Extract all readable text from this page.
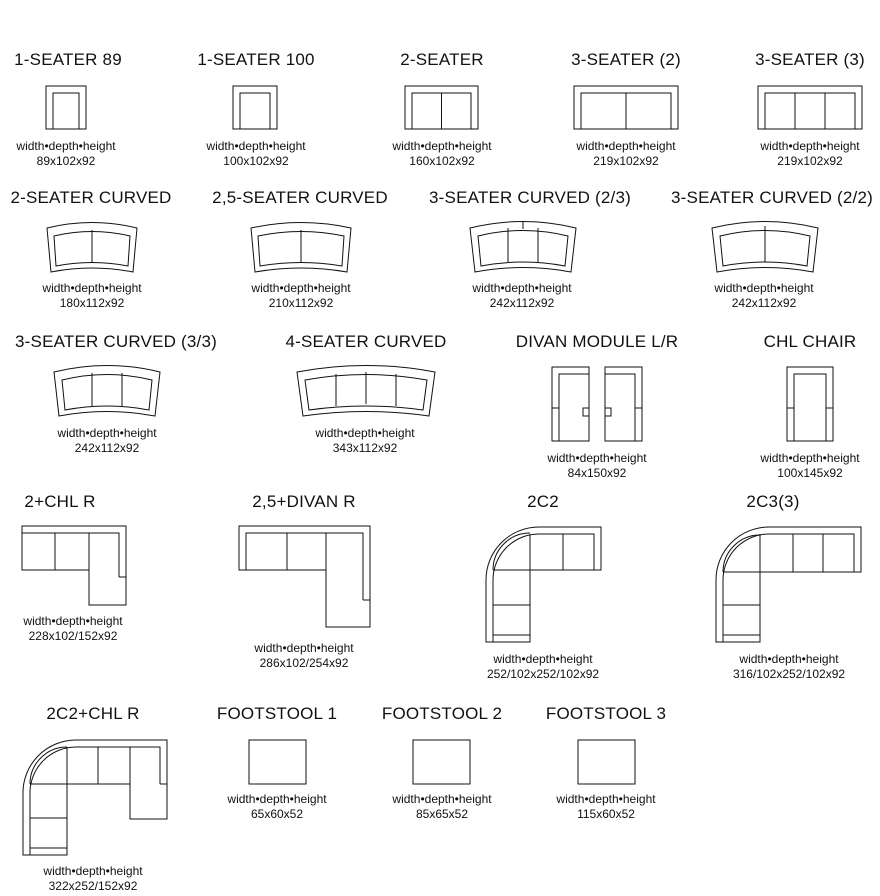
1-SEATER 89	1-SEATER 100	2-SEATER	3-SEATER (2)	3-SEATER (3)
2-SEATER CURVED 2,5-SEATER CURVED 3-SEATER CURVED (2/3) 3-SEATER CURVED (2/2)
3-SEATER CURVED (3/3)	4-SEATER CURVED	DIVAN MODULE L/R	CHL CHAIR
2+CHL R	2,5+DIVAN R	2C2	2C3(3)
2C2+CHL R	FOOTSTOOL 1	FOOTSTOOL 2	FOOTSTOOL 3
width•depth•height
89x102x92
width•depth•height
100x102x92
width•depth•height
160x102x92
width•depth•height
219x102x92
width•depth•height
219x102x92
width•depth•height
180x112x92
width•depth•height
210x112x92
width•depth•height
242x112x92
width•depth•height
242x112x92
width•depth•height
242x112x92
width•depth•height
343x112x92
width•depth•height
84x150x92
width•depth•height
100x145x92
width•depth•height
228x102/152x92
width•depth•height
286x102/254x92	width•depth•height
252/102x252/102x92
width•depth•height
316/102x252/102x92
width•depth•height
322x252/152x92
width•depth•height
65x60x52
width•depth•height
85x65x52
width•depth•height
115x60x52
